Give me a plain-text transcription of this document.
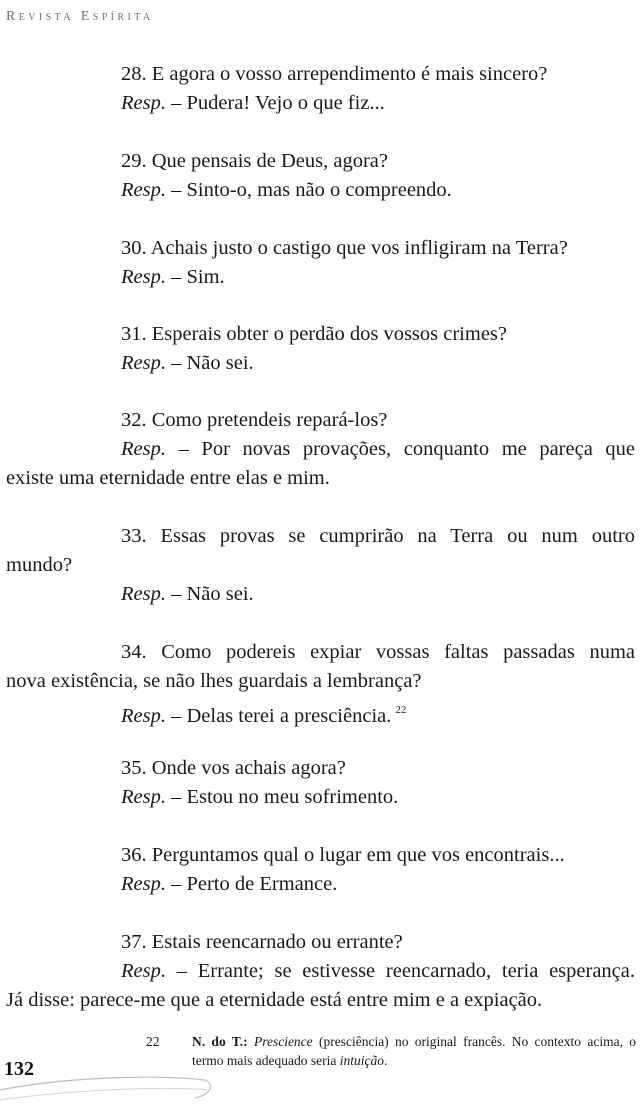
Revista Espírita
28. E agora o vosso arrependimento é mais sincero?
Resp. – Pudera! Vejo o que fiz...
29. Que pensais de Deus, agora?
Resp. – Sinto-o, mas não o compreendo.
30. Achais justo o castigo que vos infligiram na Terra?
Resp. – Sim.
31. Esperais obter o perdão dos vossos crimes?
Resp. – Não sei.
32. Como pretendeis repará-los?
Resp. – Por novas provações, conquanto me pareça que
existe uma eternidade entre elas e mim.
33. Essas provas se cumprirão na Terra ou num outro
mundo?
Resp. – Não sei.
34. Como podereis expiar vossas faltas passadas numa
nova existência, se não lhes guardais a lembrança?
Resp. – Delas terei a presciência. $^{22}$
35. Onde vos achais agora?
Resp. – Estou no meu sofrimento.
36. Perguntamos qual o lugar em que vos encontrais...
Resp. – Perto de Ermance.
37. Estais reencarnado ou errante?
Resp. – Errante; se estivesse reencarnado, teria esperança.
Já disse: parece-me que a eternidade está entre mim e a expiação.
22 N. do T.: Prescience (presciência) no original francês. No contexto acima, o termo mais adequado seria intuição.
132
